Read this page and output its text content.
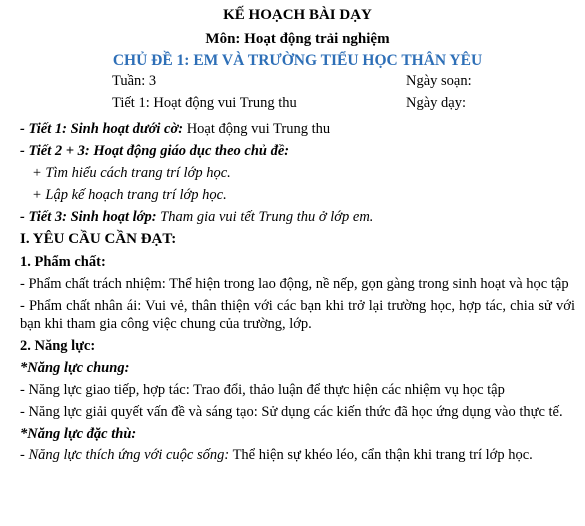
KẾ HOẠCH BÀI DẠY
Môn: Hoạt động trải nghiệm
CHỦ ĐỀ 1: EM VÀ TRƯỜNG TIỂU HỌC THÂN YÊU
Tuần: 3	Ngày soạn:
Tiết 1: Hoạt động vui Trung thu	Ngày dạy:
- Tiết 1: Sinh hoạt dưới cờ: Hoạt động vui Trung thu
- Tiết 2 + 3: Hoạt động giáo dục theo chủ đề:
+ Tìm hiểu cách trang trí lớp học.
+ Lập kế hoạch trang trí lớp học.
- Tiết 3: Sinh hoạt lớp: Tham gia vui tết Trung thu ở lớp em.
I. YÊU CẦU CẦN ĐẠT:
1. Phẩm chất:
- Phẩm chất trách nhiệm: Thể hiện trong lao động, nề nếp, gọn gàng trong sinh hoạt và học tập
- Phẩm chất nhân ái: Vui vẻ, thân thiện với các bạn khi trở lại trường học, hợp tác, chia sử với bạn khi tham gia công việc chung của trường, lớp.
2. Năng lực:
*Năng lực chung:
- Năng lực giao tiếp, hợp tác: Trao đổi, thảo luận để thực hiện các nhiệm vụ học tập
- Năng lực giải quyết vấn đề và sáng tạo: Sử dụng các kiến thức đã học ứng dụng vào thực tế.
*Năng lực đặc thù:
- Năng lực thích ứng với cuộc sống: Thể hiện sự khéo léo, cẩn thận khi trang trí lớp học.
